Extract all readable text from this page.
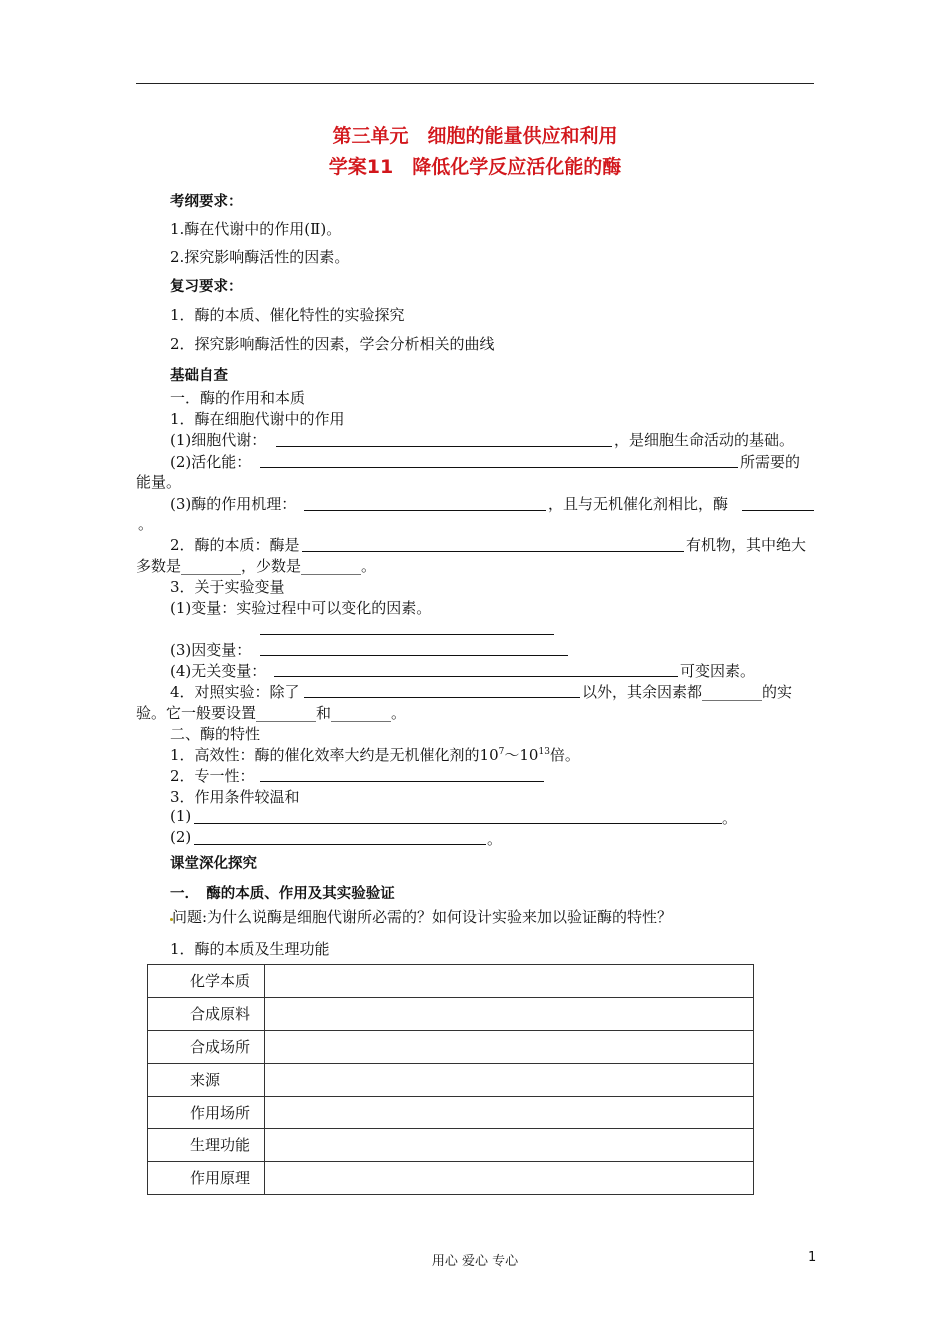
第三单元　细胞的能量供应和利用
学案11　降低化学反应活化能的酶
考纲要求：
1.酶在代谢中的作用(Ⅱ)。
2.探究影响酶活性的因素。
复习要求：
1．酶的本质、催化特性的实验探究
2．探究影响酶活性的因素，学会分析相关的曲线
基础自查
一．酶的作用和本质
1．酶在细胞代谢中的作用
(1)细胞代谢：	，是细胞生命活动的基础。
(2)活化能：	所需要的
能量。
(3)酶的作用机理：	，且与无机催化剂相比，酶
。
2．酶的本质：酶是	有机物，其中绝大
多数是________，少数是________。
3．关于实验变量
(1)变量：实验过程中可以变化的因素。
(3)因变量：
(4)无关变量：	可变因素。
4．对照实验：除了	以外，其余因素都________的实
验。它一般要设置________和________。
二、酶的特性
1．高效性：酶的催化效率大约是无机催化剂的$10^7\sim 10^{13}$倍。
2．专一性：
3．作用条件较温和
(1)	。
(2)	。
课堂深化探究
一．　酶的本质、作用及其实验验证
问题:为什么说酶是细胞代谢所必需的？如何设计实验来加以验证酶的特性？
1．酶的本质及生理功能
化学本质	
合成原料	
合成场所	
来源	
作用场所	
生理功能	
作用原理	
用心 爱心 专心	1
